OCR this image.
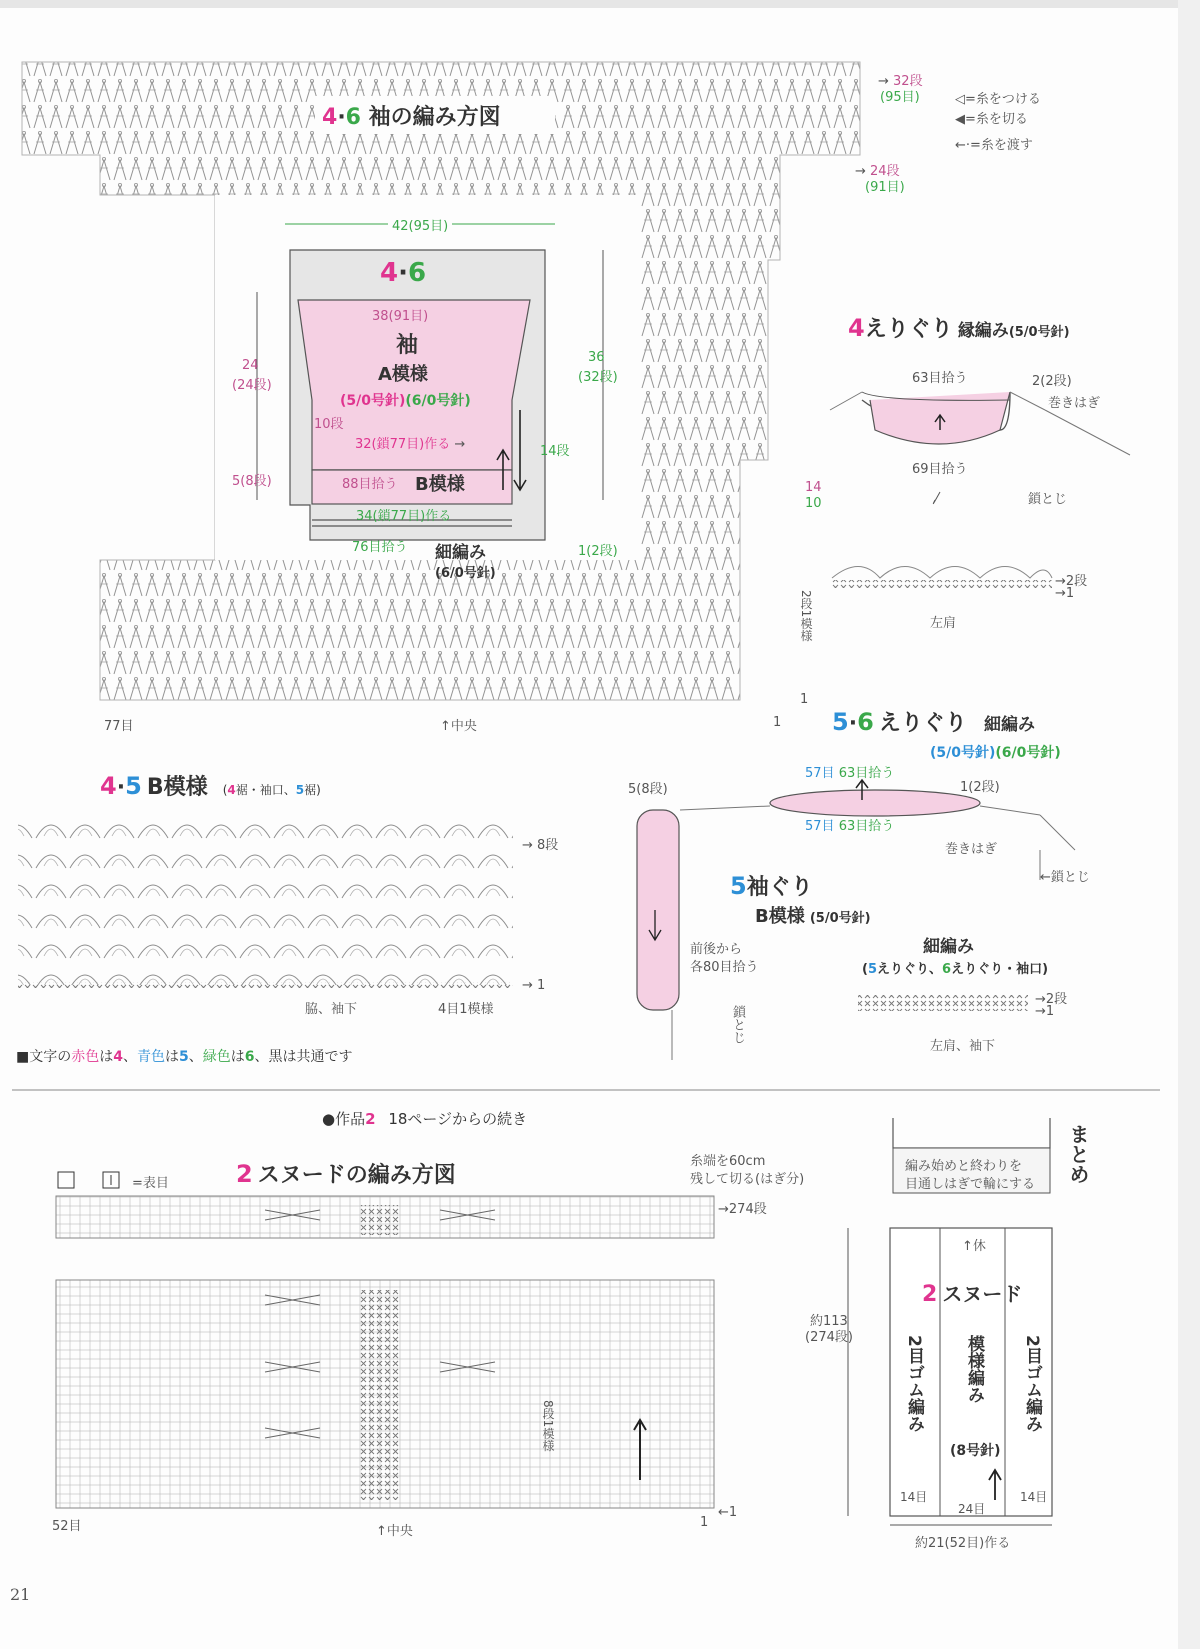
4·6 袖の編み方図
→ 32段
(95目)
→ 24段
(91目)
14
10
2段1模様
1
77目	↑中央	1
◁=糸をつける
◀=糸を切る
←·=糸を渡す
42(95目)
4·6
38(91目)
袖
A模様
(5/0号針)(6/0号針)
10段
32(鎖77目)作る →	14段
88目拾う B模様
34(鎖77目)作る
76目拾う 細編み
(6/0号針)
24
(24段)
5(8段)
36
(32段)
1(2段)
4えりぐり 縁編み(5/0号針)
63目拾う	2(2段)
巻きはぎ
69目拾う
鎖とじ
→2段
→1
左肩
5·6 えりぐり 細編み
(5/0号針)(6/0号針)
57目 63目拾う
1(2段)
57目 63目拾う
巻きはぎ
←鎖とじ
4·5 B模様 (4裾・袖口、5裾)
→ 8段
→ 1
脇、袖下	4目1模様
5(8段)
5袖ぐり
B模様 (5/0号針)
前後から
各80目拾う
鎖とじ
細編み
(5えりぐり、6えりぐり・袖口)
→2段
→1
左肩、袖下
■文字の赤色は4、青色は5、緑色は6、黒は共通です
●作品2 18ページからの続き
=表目	2 スヌードの編み方図
糸端を60cm
残して切る(はぎ分)
→274段
8段1模様
←1
52目	↑中央
1
まとめ
編み始めと終わりを
目通しはぎで輪にする
↑休
2 スヌード
約113
(274段)	2目ゴム編み 模様編み
(8号針)
2目ゴム編み
14目
24目
14目
約21(52目)作る
21
